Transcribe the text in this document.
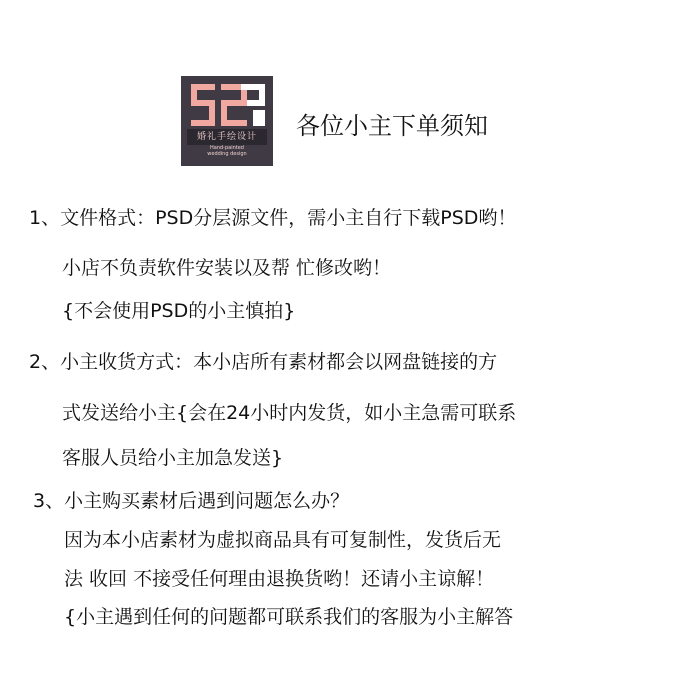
婚礼手绘设计
Hand-painted
wedding design
各位小主下单须知
1、文件格式：PSD分层源文件，需小主自行下载PSD哟！
小店不负责软件安装以及帮 忙修改哟！
{不会使用PSD的小主慎拍}
2、小主收货方式：本小店所有素材都会以网盘链接的方
式发送给小主{会在24小时内发货，如小主急需可联系
客服人员给小主加急发送}
3、小主购买素材后遇到问题怎么办？
因为本小店素材为虚拟商品具有可复制性，发货后无
法 收回 不接受任何理由退换货哟！还请小主谅解！
{小主遇到任何的问题都可联系我们的客服为小主解答
